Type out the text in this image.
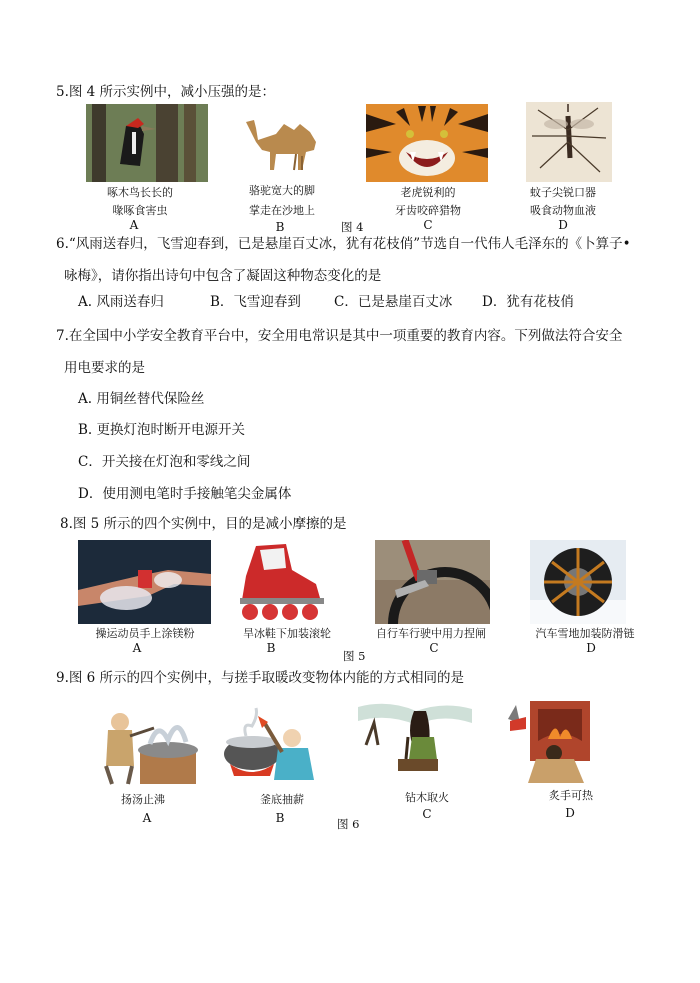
5.图 4 所示实例中，减小压强的是：
啄木鸟长长的
喙啄食害虫
A
骆驼宽大的脚
掌走在沙地上
B	图 4
老虎锐利的
牙齿咬碎猎物
C
蚊子尖锐口器
吸食动物血液
D
6.“风雨送春归，飞雪迎春到，已是悬崖百丈冰，犹有花枝俏”节选自一代伟人毛泽东的《卜算子•
咏梅》，请你指出诗句中包含了凝固这种物态变化的是
A. 风雨送春归	B．飞雪迎春到 C．已是悬崖百丈冰 D．犹有花枝俏
7.在全国中小学安全教育平台中，安全用电常识是其中一项重要的教育内容。下列做法符合安全
用电要求的是
A. 用铜丝替代保险丝
B. 更换灯泡时断开电源开关
C．开关接在灯泡和零线之间
D．使用测电笔时手接触笔尖金属体
8.图 5 所示的四个实例中，目的是减小摩擦的是
操运动员手上涂镁粉
A
旱冰鞋下加装滚轮
B
图 5
自行车行驶中用力捏闸
C
汽车雪地加装防滑链
D
9.图 6 所示的四个实例中，与搓手取暖改变物体内能的方式相同的是
扬汤止沸
A
釜底抽薪
B	图 6
钻木取火
C
炙手可热
D
